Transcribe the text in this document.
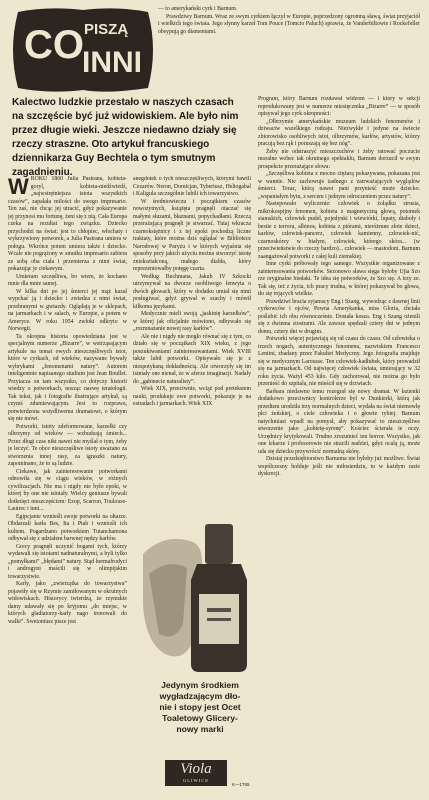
CO PISZĄ
INNI

— to amerykański cyrk i Barnum.

Prawdziwy Barnum. Wraz ze swym cyrkiem łączył w Europie, poprzedzony ogromną sławą, świat przyjaciół i wielkich tego świata. Jego słynny karzeł Tom Pouce (Tomcio Paluch) sprawia, że Vanderbiltowie i Rockefeller obsypują go diamentami.

Kalectwo ludzkie przestało w naszych czasach na szczęście być już widowiskiem. Ale było nim przez długie wieki. Jeszcze niedawno działy się rzeczy straszne. Oto artykuł francuskiego dziennikarza Guy Bechtela o tym smutnym zagadnieniu.

WROKU 1860 Julia Pastrana, kobieta-goryl, kobieta-niedźwiedź, „najwstrętniejsza istota wszystkich czasów”, zapalała milości do swego impresario. Ten zaś, nie chcąc jej utracić, gdyż pokazywanie jej przynosi mu fortunę, żeni się z nią. Cała Europa czeka na rezultat tego związku. Dziecko przychodzi na świat: jest to chłopiec, włochaty i wykrzywiony potworek, a Julia Pastrana umiera w połogu. Wkrótce potem umiera także i dziecko. Wcale nie pogrążony w smutku impresario zabiera ze sobą oba ciała i przemierza z nimi świat, pokazując je ciekawym.

Umieram szczęśliwa, bo wiem, że kochano mnie dla mnie samej.

W kilka dni po jej śmierci jej mąż kazał wypchać ją i dziecko i zwiedza z nimi świat, przebranymi w gwiazdy. Oglądają je w sklepach, na jarmarkach i w salach, w Europie, a potem w Ameryce. W roku 1954 zwłoki odkryto w Norwegii.

Ta okropna historia opowiedziana jest w specjalnym numerze „Bizarre”, w wstrząsającym artykule na temat owych nieszczęśliwych istot, które w cyrkach, od wieków, nazywane bywały wybrykami „fenomenami natury”. Autorem inteligentnie napisanego studium jest Jean Boullet. Przytacza on tam wszystko, co dotyczy historii wiedzy o potworkach, nosząc nazwę teratologii. Tak tekst, jak i fotografie ilustrujące artykuł, są czymś zdumiewającym. Jest to rozprawa, potwierdzona wstydliwemu dramatowi, o którym się nie mówi.

Potworki, istoty zdeformowane, karzełki czy olbrzymy od wieków — wzbudzają śmiech... Przez długi czas nikt nawet nie myślał o tym, żeby je leczyć. Te obce nieszczęśliwe istoty uważano za stworzenia innej rasy, za igraszki natury, zapominano, że to są ludzie.

Ciekawe, jak zainteresowanie potworkami odnowiła się w ciągu wieków, w różnych cywilizacjach. Nie ma i nigdy nie było epoki, w której by one nie istniały. Wielcy geniusze bywali dotknięci nieszczęściem: Ezop, Scarron, Toulouse-Lautrec i inni...

Egipcjanie wznieśli swoje potworki na ołtarze. Obdarzali karła Bes, Ita i Ptah i wzniośli ich kultem. Pogardzano potworkiem Tutanchamona odbywał się z udziałem barwnej nędzy karłów.

Grecy pragnęli uczynić bogami tych, którzy wydawali się istotami nadnaturalnymi, a byli tylko „pomyłkami” „błędami” natury. Stąd hermafrodyci i androgyni maścili się w olimpijskim towarzystwie.

Karły, jako „zwierzątka do towarzystwa” pojawiły się w Rzymie zamiłowanym w okrutnych widowiskach. Historycy twierdzą, że rzymskie damy udawały się po kryjomu „do miejsc, w których gladiatorzy-karły nago trenowali do walki”. Swetoniusz pisze jest

anegdotek o tych nieszczęśliwych, którymi bawili Cezarów. Neron, Domicjan, Tyberiusz, Heliogabal i Kaligula szczególnie lubili ich towarzystwo.

W średniowieczu i początkiem czasów nowożytnych, książęta pragnęli otaczać się małymi słuzami, błaznami, popychadłami. Rzeczą przerażającą pragnęli je stwarzać. Tutaj wkracza czarnoksiężnicy i z tej epoki pochodzą liczne traktaty, które można dziś oglądać w Bibliotece Narodowej w Paryżu i w których wyjaśnia się sposoby przy jakich użyciu można stworzyć istotę zniekształconą, małego diabła, który reprezentowałby potęgę czarta.

Według Buchmana, Jakub IV Szkocki utrzymywał na dworze osobliwego fenwyta o dwóch głowach, który w dodatku umiał się nimi posługiwać, gdyż grywał w szachy i mówił kilkoma językami.

Medycznie mieli swoją „jaskinię karzełków”, w której jak oficjalnie mówiono, odbywało się „rozmnażanie nowej rasy karłów”.

Ale nie i nigdy nie mogło równać się z tym, co działo się w początkach XIX wieku, z jego poszukiwaniami zainteresowaniami. Wiek XVIII także lubił potworki. Opisywało się je z niespotykaną dokładnością. Ale otworzyły się im istniały one nienał, że w aferze imaginacji. Nadały do „gabinecie naturalisty”.

Wiek XIX, przeciwnie, wciąż pod pretekstem nauki, produkuje owe potworki, pokazuje je na estradach i jarmarkach. Wiek XIX

Jedynym środkiem
wygładzającym dło-
nie i stopy jest Ocet
Toaletowy Glicery-
nowy marki
Viola
GLIWICE
K—1765

Program, który Barnum rozdawał widzom — i który w sekcji reprodukowany jest w numerze miesięcznika „Bizarre” — w sposób opisywał jego cyrk okropności:

„Olbrzymie amerykańskie muzeum ludzkich fenomenów i dziwactw wszelkiego rodzaju. Niezwykłe i jedyne na świecie zbiorowisko osobliwych istot, olbrzymów, karłów, artystów, którzy pracują bez rąk i poruszają się bez nóg”.

Żeby nie odstraszyć mieszczuchów i żeby ratować poczucie moralne wobec tak okrutnego spektaklu, Barnum dorzucił w swym prospekcie przerażające słowa:

„Szczęśliwa kobieta z mocno ciężarą pokazywana, pokazana jest w wannie. Nie zachowuje żadnego z zatrważających wyglądów śmierci. Teraz, którą nawet pani przynieść może dziecko. „wspaniałym bytu, z sercem i jednym odroczeniem przez natury”.

Nastepowało wyliczenie: człowiek o żołądku strusia, mikrokospijny fenomen, kobieta z magnetyczną głową, potomek siamskich, człowiek pudel, pojedynki i wiewiórki, lupaty, diaboły i bestie z terroru, albinos, kobieta z piórami, nieróżmne złote dzieci, karłów, człowiek-pancerz, człowiek kamienny, człowiek-nić, czarnoskórzy w białym, człowiek, którego skóra... (w przeciwieństwie do rzeczy bardzo)... człowiek — mastodont. Barnum zaangażował potworki z całej kuli ziemskiej.

Inne cyrki próbowały tego samego. Wszystkie organizowane z zainteresowania potworków. Sezonowo sława sięga byłoby Ujia Szo rze oryginalne biedaki. Te idea się potworków, że Szo się. A trzy ze. Tak się, też z życia, ich pracy trudna, w której pokazywał bo głowa, tło się rojących wielkie.

Prawdziwi bracia syjamscy Eng i Szang, wywodząc z dawnej linii cyrkowców i ojców, Pewna Amerykanka, miss Gloria, chciała poślubić ich obu równocześnie. Dostała kosza. Eng i Szang ożenili się z dwiema siostrami. Ale zawsze spędzali cztery dni w jednym domu, cztery dni w drugim.

Potworki więcej pojawiają się od czasu do czasu. Od człowieka o trzech nogach, autentycznego fenomenu, nazwiskiem Francesco Lentini, zbadany przez Fakultet Medyczny. Jego fotografia znajduje się w medycznym Larousse. Ten człowiek-kadłubek, który prowadził się na jarmarkach. Od najwięcej człowiek świata, umierający w 32 roku życia. Ważył 453 kilo. Gdy zachorował, nie można go było przenieść do szpitala, nie mieścił się w drzwiach.

Barbara niedawno temu rozegrał się nowy dramat. W łazienki dodatkowo przeciwnicy kontrolerze był w Dunkierki, którą jak przedtem urodziła trzy normalnych dzieci, wydała na świat niemowlę płci żeńskiej, o ciele człowieka i o głowie rybiej. Barnum natychmiast wpadł na pomysł, aby pokazywać to nieszczęśliwe stworzenie jako „kobietę-syrenę”. Kościec ścierała te oczy. Urzędnicy krytykowali. Trudno zrozumieć ten horror. Wszystko, jak one lekarze i profesorowie nie stracili nadziei, gdyż ocalą ją, może uda się dziecku przywrócić normalną skórę.

Dzisiaj przedsiębiorstwo Barnuma nie byłoby już możliwe. Świat współczesny hołduje jeśli nie miłosierdziu, to w każdym razie dyskrecji.
